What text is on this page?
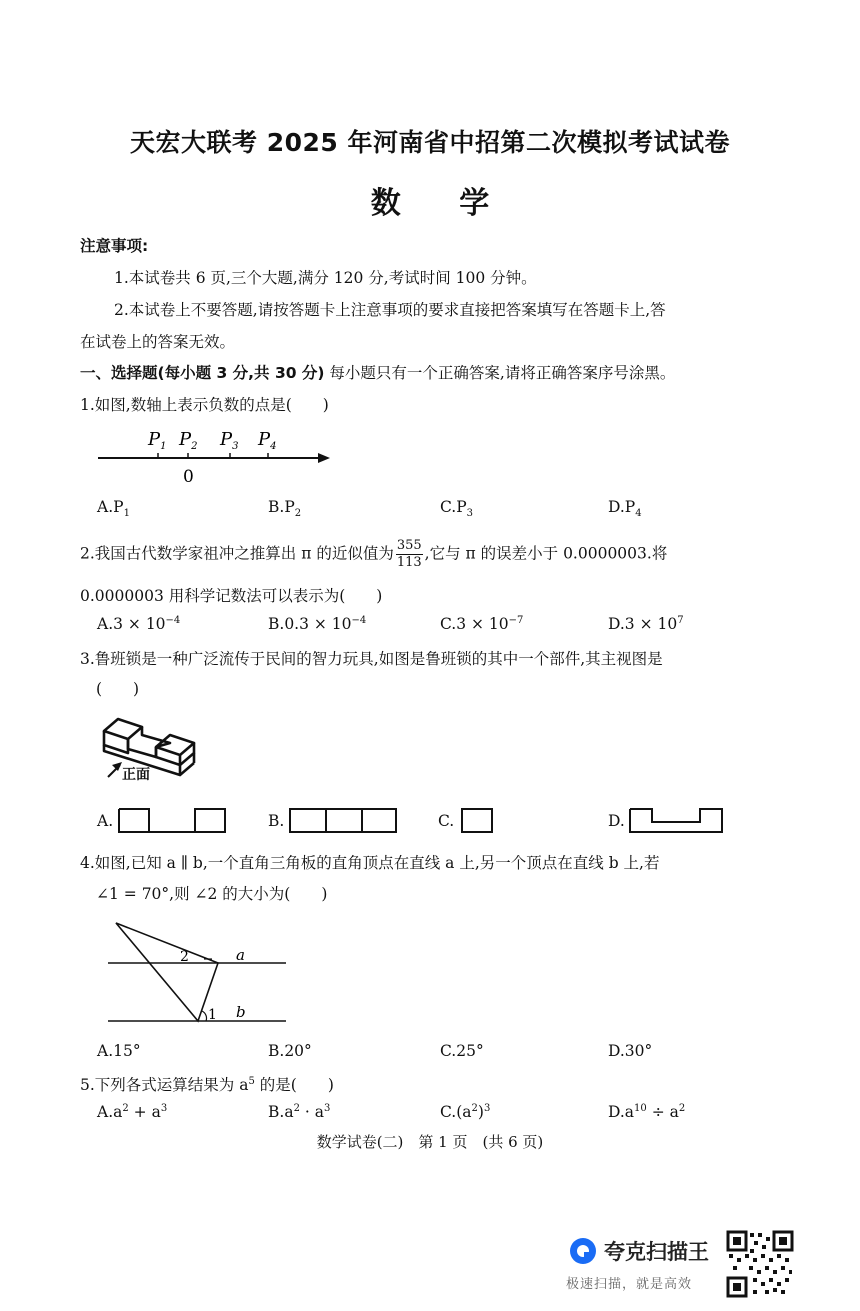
天宏大联考 2025 年河南省中招第二次模拟考试试卷
数 学
注意事项:
1.本试卷共 6 页,三个大题,满分 120 分,考试时间 100 分钟。
2.本试卷上不要答题,请按答题卡上注意事项的要求直接把答案填写在答题卡上,答
在试卷上的答案无效。
一、选择题(每小题 3 分,共 30 分) 每小题只有一个正确答案,请将正确答案序号涂黑。
1.如图,数轴上表示负数的点是(　　)
$P_1$ $P_2$ $P_3$ $P_4$
0
$A.P_1$	$B.P_2$	$C.P_3$	$D.P_4$
2.我国古代数学家祖冲之推算出 π 的近似值为 $\frac{355}{113}$ ,它与 π 的误差小于 0.0000003.将
0.0000003 用科学记数法可以表示为(　　)
$A.3 \times 10^{-4}$	$B.0.3 \times 10^{-4}$	$C.3 \times 10^{-7}$	$D.3 \times 10^7$
3.鲁班锁是一种广泛流传于民间的智力玩具,如图是鲁班锁的其中一个部件,其主视图是
(　　)
正面
A.	B.	C.	D.
4.如图,已知 a ∥ b,一个直角三角板的直角顶点在直线 a 上,另一个顶点在直线 b 上,若
∠1 = 70°,则 ∠2 的大小为(　　)
2
1
a
b
A.15°	B.20°	C.25°	D.30°
5.下列各式运算结果为 $a^5$ 的是(　　)
$A.a^2 + a^3$	$B.a^2 \cdot a^3$	$C.(a^2)^3$	$D.a^{10} \div a^2$
数学试卷(二)　第 1 页　(共 6 页)
夸克扫描王
极速扫描，就是高效
